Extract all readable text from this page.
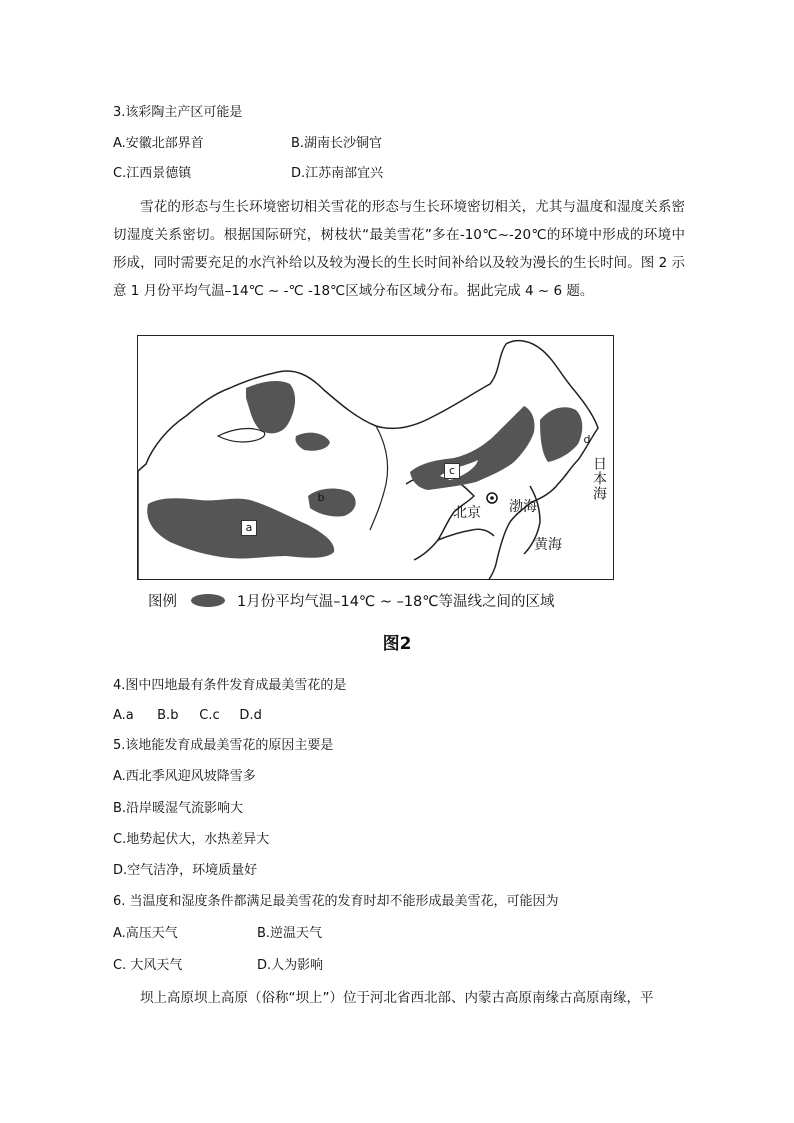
3.该彩陶主产区可能是
A.安徽北部界首	B.湖南长沙铜官
C.江西景德镇	D.江苏南部宜兴
雪花的形态与生长环境密切相关雪花的形态与生长环境密切相关，尤其与温度和湿度关系密切湿度关系密切。根据国际研究，树枝状“最美雪花”多在-10℃~-20℃的环境中形成的环境中形成，同时需要充足的水汽补给以及较为漫长的生长时间补给以及较为漫长的生长时间。图 2 示意 1 月份平均气温–14℃ ~ -℃ -18℃区域分布区域分布。据此完成 4 ~ 6 题。
a
b
c
d
北京 渤海
黄海
日本海
图例	1月份平均气温–14℃ ~ –18℃等温线之间的区域
图2
4.图中四地最有条件发育成最美雪花的是
A.a B.b C.c D.d
5.该地能发育成最美雪花的原因主要是
A.西北季风迎风坡降雪多
B.沿岸暖湿气流影响大
C.地势起伏大，水热差异大
D.空气洁净，环境质量好
6. 当温度和湿度条件都满足最美雪花的发育时却不能形成最美雪花，可能因为
A.高压天气	B.逆温天气
C. 大风天气	D.人为影响
坝上高原坝上高原（俗称“坝上”）位于河北省西北部、内蒙古高原南缘古高原南缘，平
